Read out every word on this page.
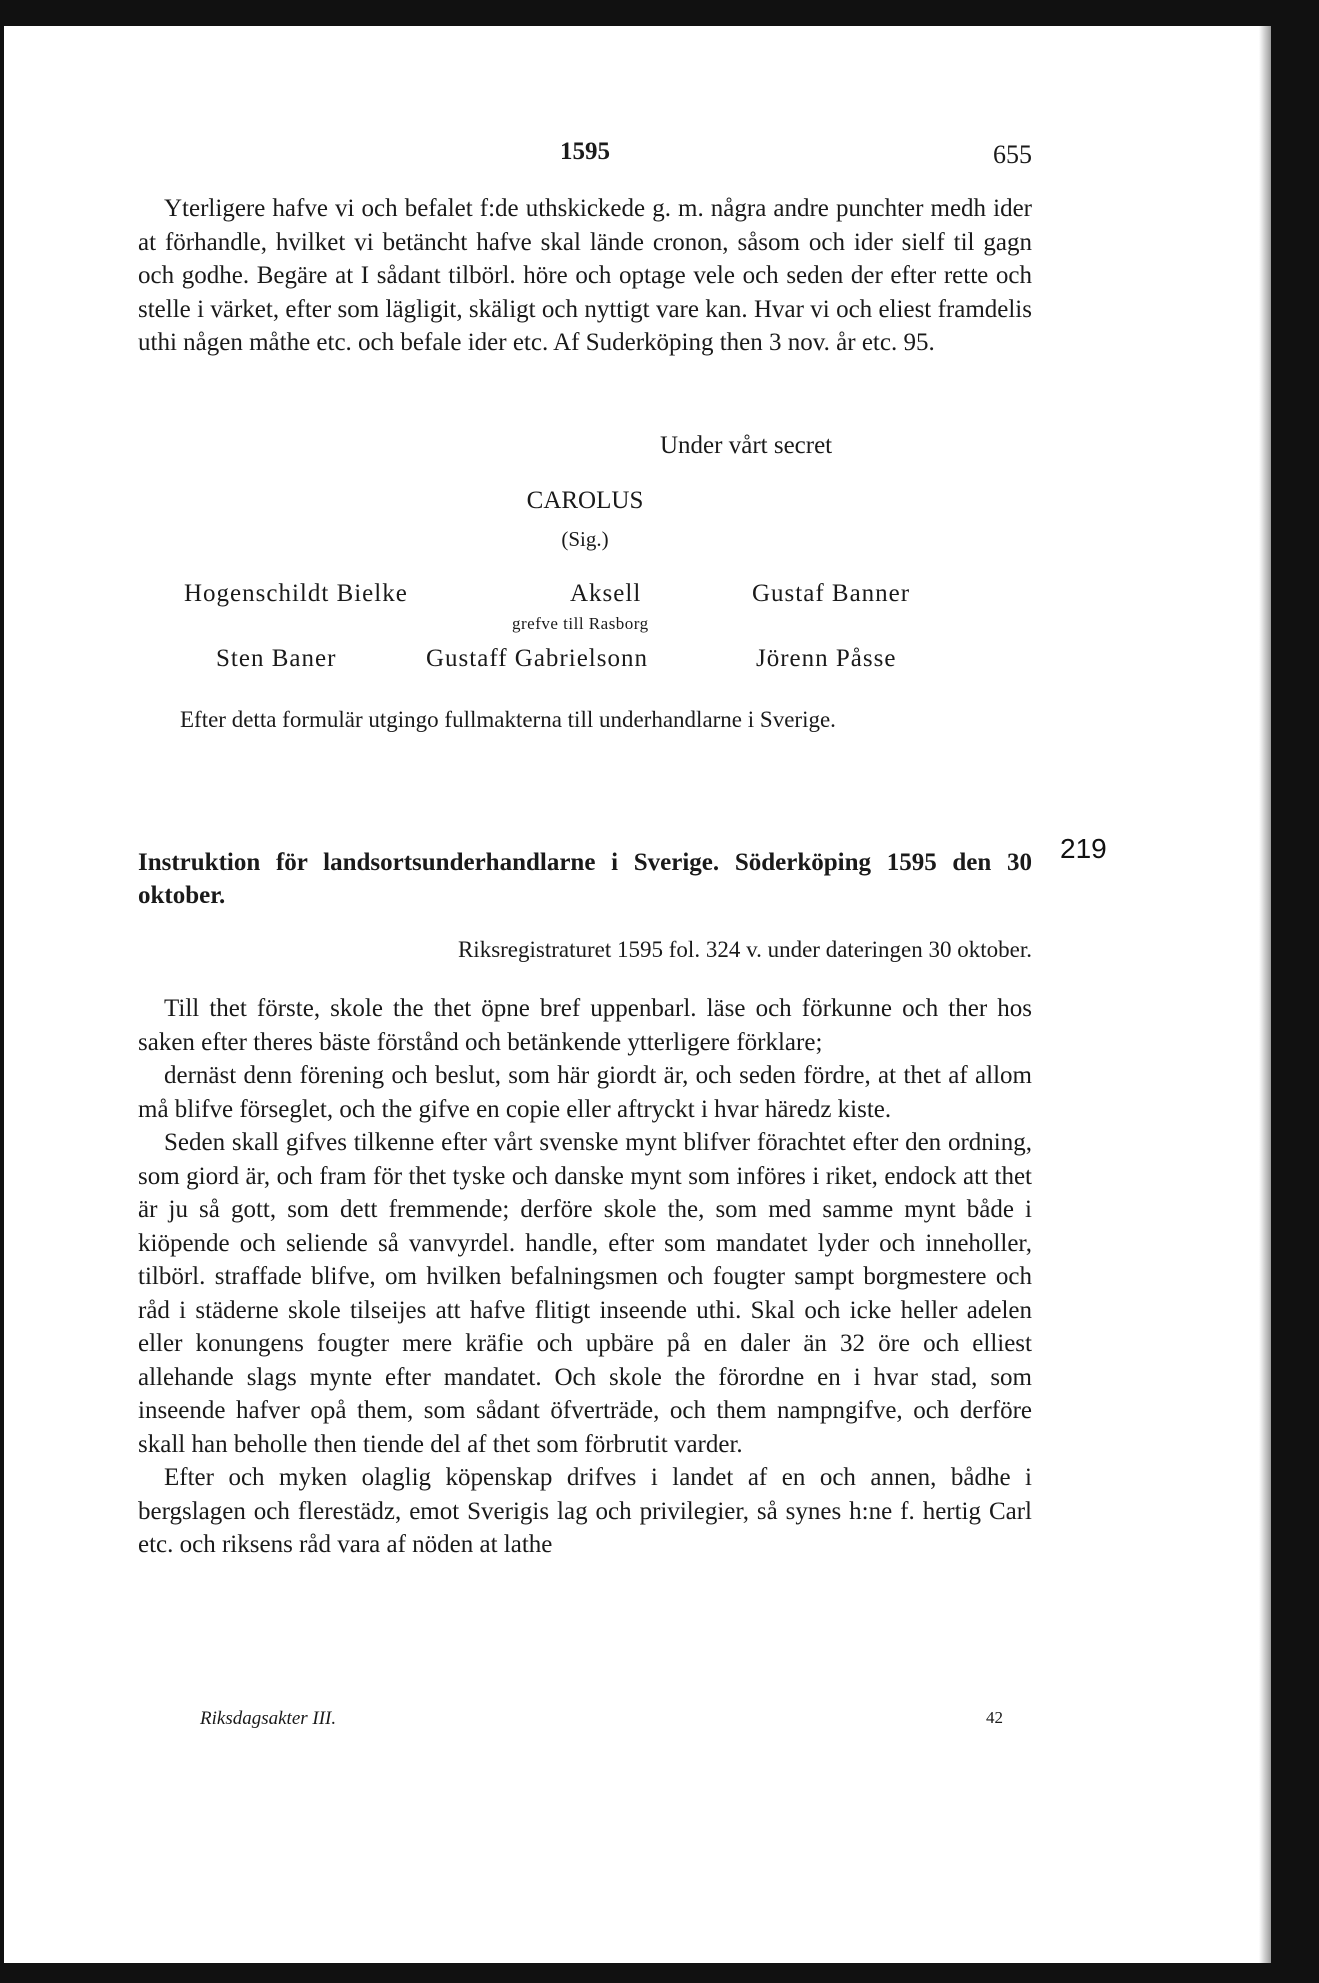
1595	655

Yterligere hafve vi och befalet f:de uthskickede g. m. några andre punchter medh ider at förhandle, hvilket vi betäncht hafve skal lände cronon, såsom och ider sielf til gagn och godhe. Begäre at I sådant tilbörl. höre och optage vele och seden der efter rette och stelle i värket, efter som lägligit, skäligt och nyttigt vare kan. Hvar vi och eliest framdelis uthi någen måthe etc. och befale ider etc. Af Suderköping then 3 nov. år etc. 95.

Under vårt secret
CAROLUS
(Sig.)
Hogenschildt Bielke	Aksell	Gustaf Banner
grefve till Rasborg
Sten Baner	Gustaff Gabrielsonn	Jörenn Påsse
Efter detta formulär utgingo fullmakterna till underhandlarne i Sverige.
219
Instruktion för landsortsunderhandlarne i Sverige. Söderköping 1595 den 30 oktober.
Riksregistraturet 1595 fol. 324 v. under dateringen 30 oktober.

Till thet förste, skole the thet öpne bref uppenbarl. läse och förkunne och ther hos saken efter theres bäste förstånd och betänkende ytterligere förklare;

dernäst denn förening och beslut, som här giordt är, och seden fördre, at thet af allom må blifve förseglet, och the gifve en copie eller aftryckt i hvar häredz kiste.

Seden skall gifves tilkenne efter vårt svenske mynt blifver förachtet efter den ordning, som giord är, och fram för thet tyske och danske mynt som införes i riket, endock att thet är ju så gott, som dett fremmende; derföre skole the, som med samme mynt både i kiöpende och seliende så vanvyrdel. handle, efter som mandatet lyder och inneholler, tilbörl. straffade blifve, om hvilken befalningsmen och fougter sampt borgmestere och råd i städerne skole tilseijes att hafve flitigt inseende uthi. Skal och icke heller adelen eller konungens fougter mere kräfie och upbäre på en daler än 32 öre och elliest allehande slags mynte efter mandatet. Och skole the förordne en i hvar stad, som inseende hafver opå them, som sådant öfverträde, och them nampngifve, och derföre skall han beholle then tiende del af thet som förbrutit varder.

Efter och myken olaglig köpenskap drifves i landet af en och annen, bådhe i bergslagen och flerestädz, emot Sverigis lag och privilegier, så synes h:ne f. hertig Carl etc. och riksens råd vara af nöden at lathe

Riksdagsakter III.	42
